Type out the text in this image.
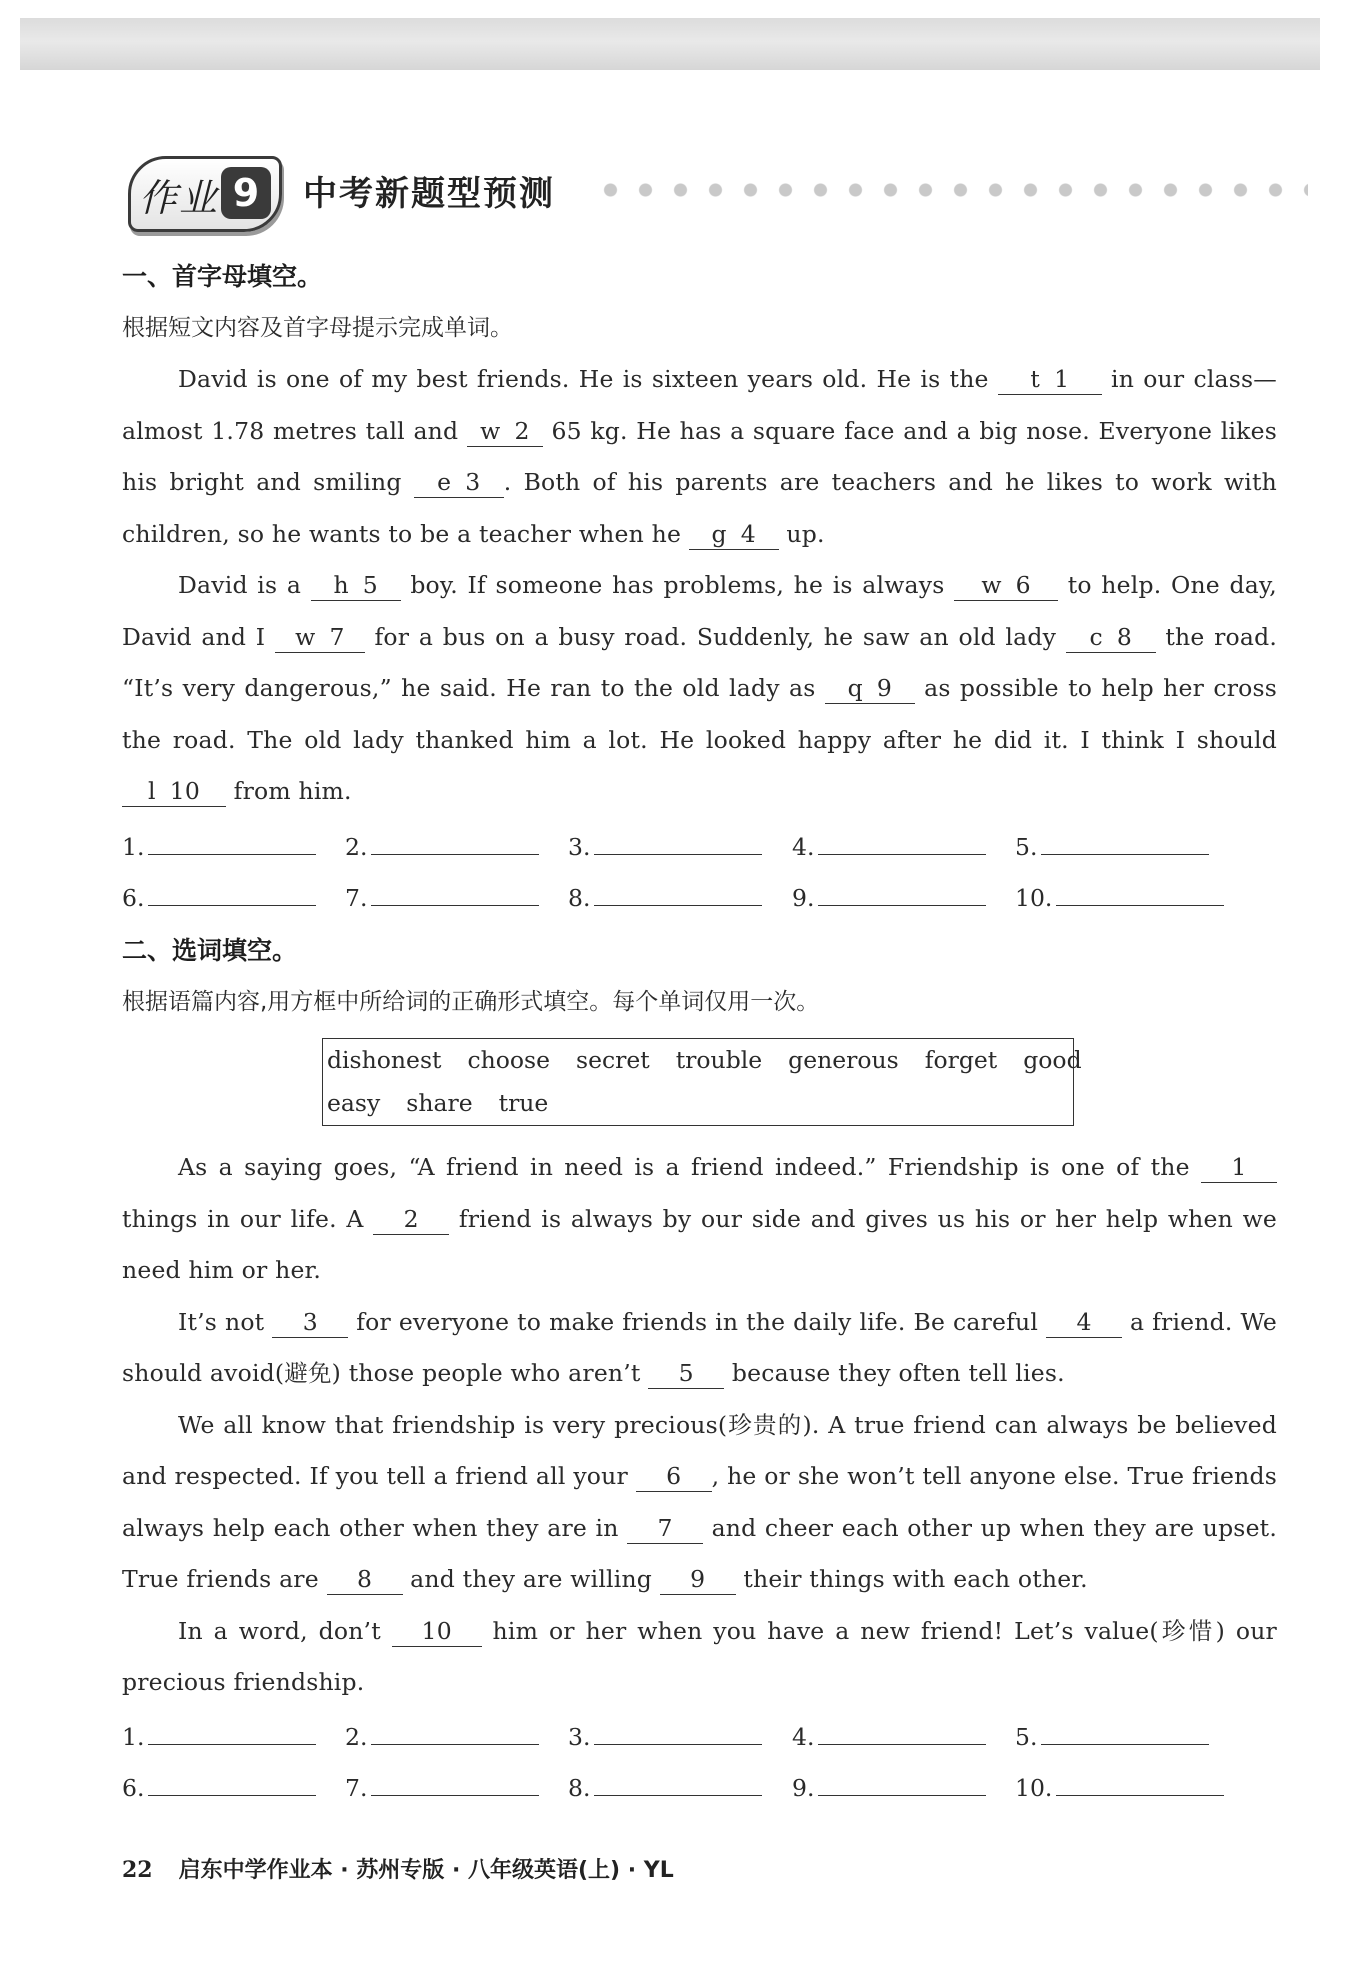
作业 9	中考新题型预测
一、首字母填空。
根据短文内容及首字母提示完成单词。

David is one of my best friends. He is sixteen years old. He is the t 1 in our class—almost 1.78 metres tall and w 2 65 kg. He has a square face and a big nose. Everyone likes his bright and smiling e 3 . Both of his parents are teachers and he likes to work with children, so he wants to be a teacher when he g 4 up.

David is a h 5 boy. If someone has problems, he is always w 6 to help. One day, David and I w 7 for a bus on a busy road. Suddenly, he saw an old lady c 8 the road. “It’s very dangerous,” he said. He ran to the old lady as q 9 as possible to help her cross the road. The old lady thanked him a lot. He looked happy after he did it. I think I should l 10 from him.

1.	2.	3.	4.	5.
6.	7.	8.	9.	10.
二、选词填空。
根据语篇内容,用方框中所给词的正确形式填空。每个单词仅用一次。
dishonest choose secret trouble generous forget good
easy share true

As a saying goes, “A friend in need is a friend indeed.” Friendship is one of the 1 things in our life. A 2 friend is always by our side and gives us his or her help when we need him or her.

It’s not 3 for everyone to make friends in the daily life. Be careful 4 a friend. We should avoid(避免) those people who aren’t 5 because they often tell lies.

We all know that friendship is very precious(珍贵的). A true friend can always be believed and respected. If you tell a friend all your 6 , he or she won’t tell anyone else. True friends always help each other when they are in 7 and cheer each other up when they are upset. True friends are 8 and they are willing 9 their things with each other.

In a word, don’t 10 him or her when you have a new friend! Let’s value(珍惜) our precious friendship.

1.	2.	3.	4.	5.
6.	7.	8.	9.	10.
22 启东中学作业本 · 苏州专版 · 八年级英语(上) · YL
